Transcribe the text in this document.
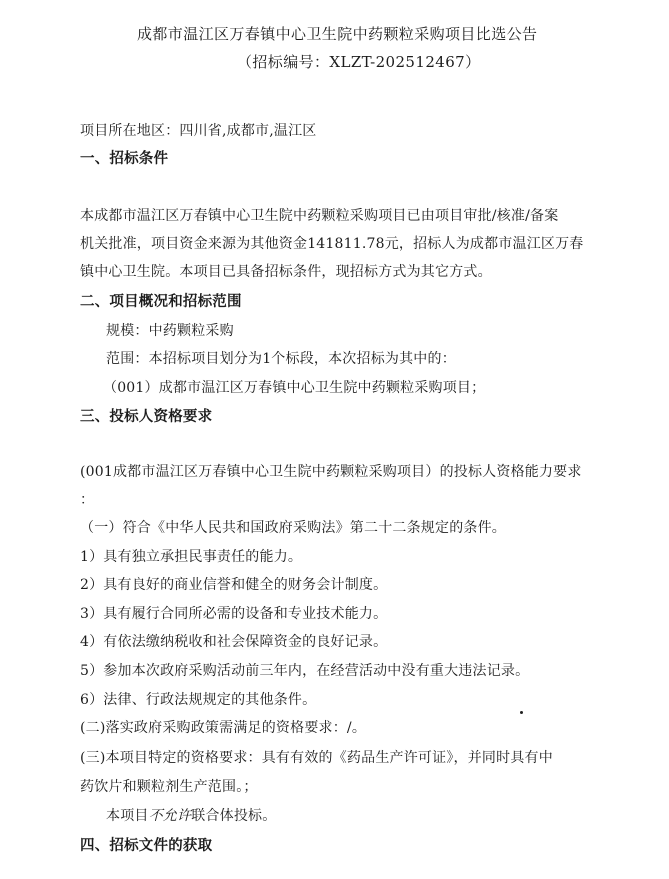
成都市温江区万春镇中心卫生院中药颗粒采购项目比选公告
（招标编号：XLZT-202512467）
项目所在地区：四川省,成都市,温江区
一、招标条件
本成都市温江区万春镇中心卫生院中药颗粒采购项目已由项目审批/核准/备案
机关批准，项目资金来源为其他资金141811.78元，招标人为成都市温江区万春
镇中心卫生院。本项目已具备招标条件，现招标方式为其它方式。
二、项目概况和招标范围
规模：中药颗粒采购
范围：本招标项目划分为1个标段，本次招标为其中的：
（001）成都市温江区万春镇中心卫生院中药颗粒采购项目；
三、投标人资格要求
(001成都市温江区万春镇中心卫生院中药颗粒采购项目）的投标人资格能力要求
：
（一）符合《中华人民共和国政府采购法》第二十二条规定的条件。
1）具有独立承担民事责任的能力。
2）具有良好的商业信誉和健全的财务会计制度。
3）具有履行合同所必需的设备和专业技术能力。
4）有依法缴纳税收和社会保障资金的良好记录。
5）参加本次政府采购活动前三年内，在经营活动中没有重大违法记录。
6）法律、行政法规规定的其他条件。
(二)落实政府采购政策需满足的资格要求：/。
(三)本项目特定的资格要求：具有有效的《药品生产许可证》，并同时具有中
药饮片和颗粒剂生产范围。；
本项目不允许联合体投标。
四、招标文件的获取
